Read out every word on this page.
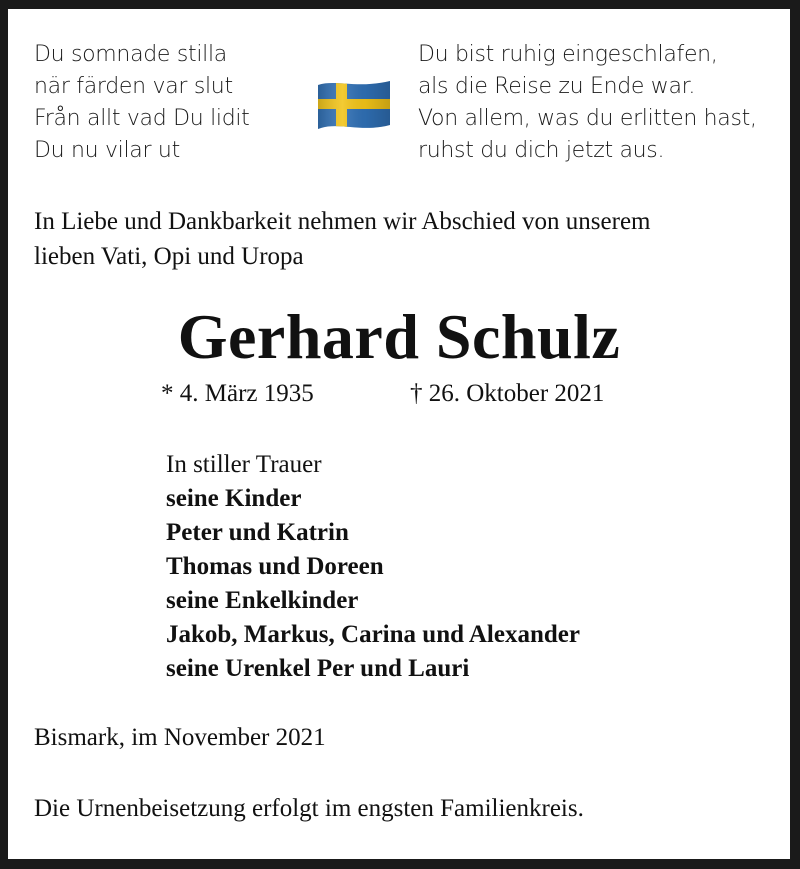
Du somnade stilla
när färden var slut
Från allt vad Du lidit
Du nu vilar ut
Du bist ruhig eingeschlafen,
als die Reise zu Ende war.
Von allem, was du erlitten hast,
ruhst du dich jetzt aus.
In Liebe und Dankbarkeit nehmen wir Abschied von unserem
lieben Vati, Opi und Uropa
Gerhard Schulz
* 4. März 1935	† 26. Oktober 2021
In stiller Trauer
seine Kinder
Peter und Katrin
Thomas und Doreen
seine Enkelkinder
Jakob, Markus, Carina und Alexander
seine Urenkel Per und Lauri
Bismark, im November 2021
Die Urnenbeisetzung erfolgt im engsten Familienkreis.
